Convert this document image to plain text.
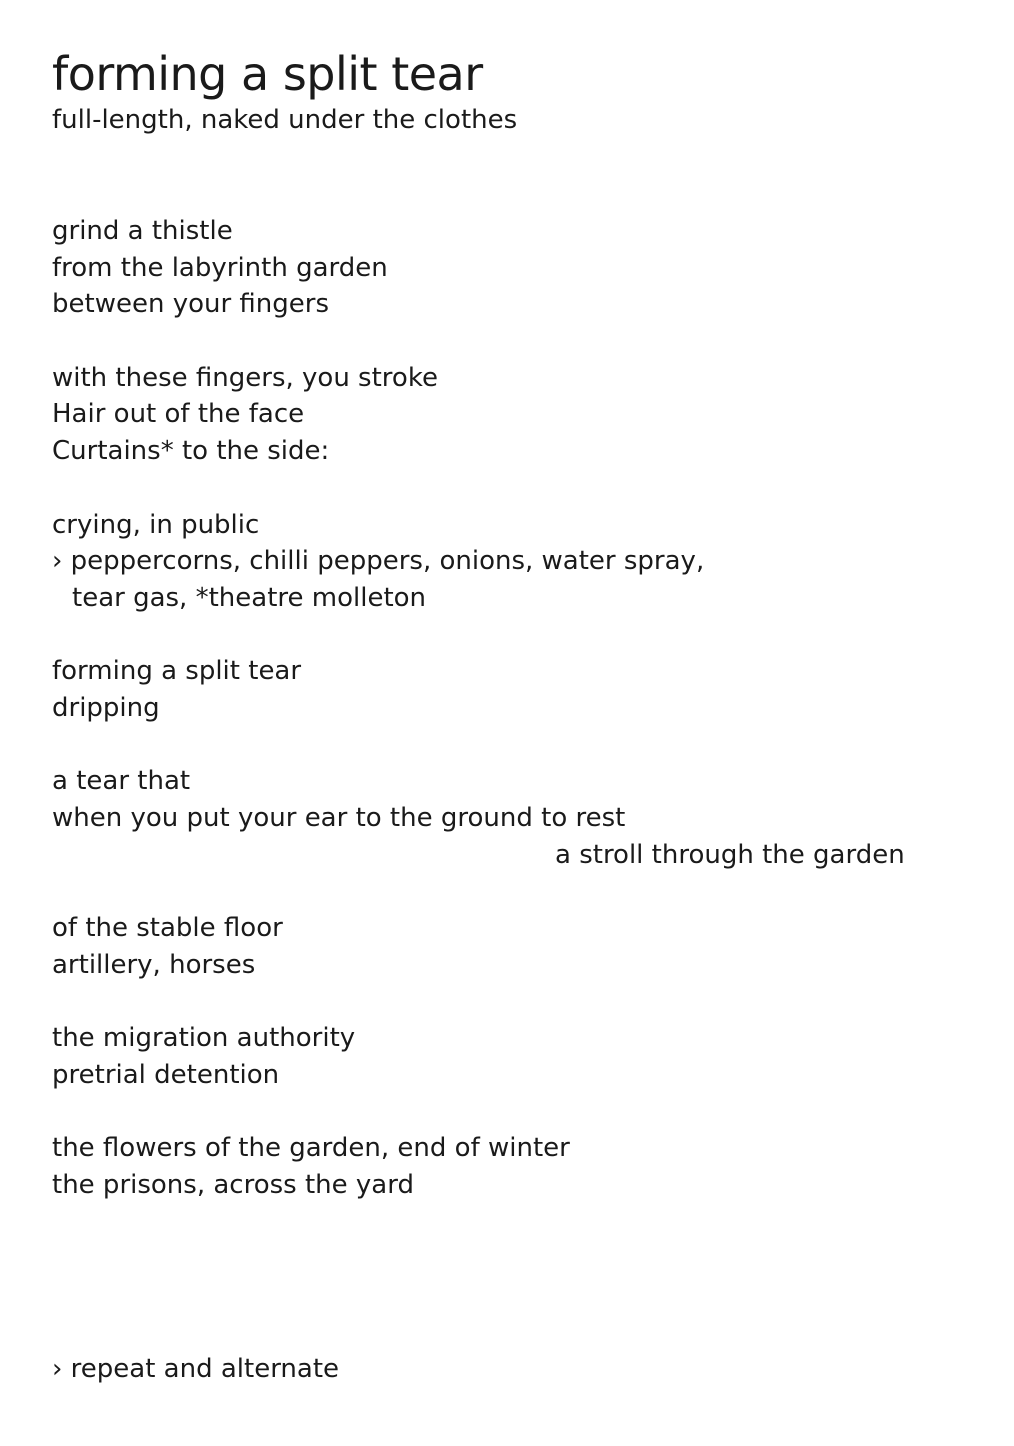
forming a split tear
full-length, naked under the clothes
grind a thistle
from the labyrinth garden
between your fingers
with these fingers, you stroke
Hair out of the face
Curtains* to the side:
crying, in public
› peppercorns, chilli peppers, onions, water spray,
tear gas, *theatre molleton
forming a split tear
dripping
a tear that
when you put your ear to the ground to rest
a stroll through the garden
of the stable floor
artillery, horses
the migration authority
pretrial detention
the flowers of the garden, end of winter
the prisons, across the yard
› repeat and alternate
